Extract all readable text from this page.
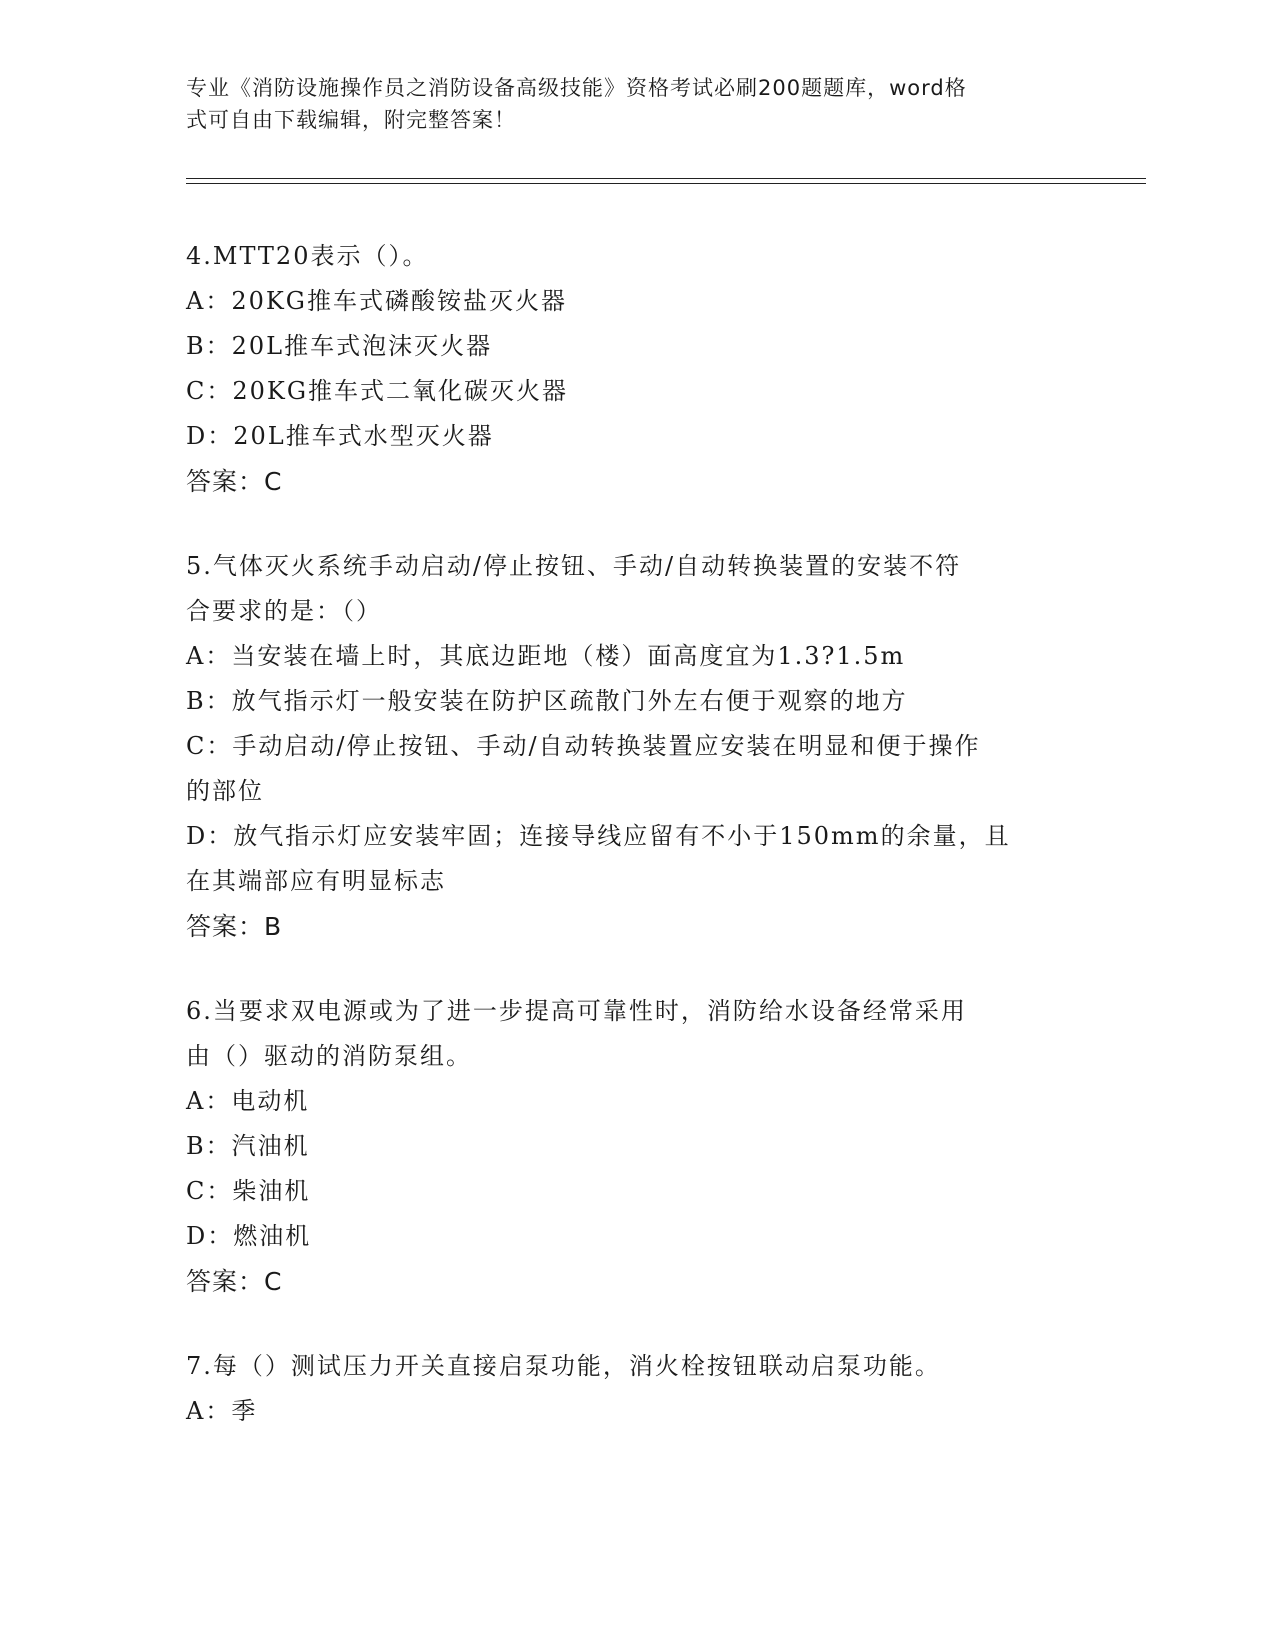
专业《消防设施操作员之消防设备高级技能》资格考试必刷200题题库，word格
式可自由下载编辑，附完整答案！
4.MTT20表示（）。
A：20KG推车式磷酸铵盐灭火器
B：20L推车式泡沫灭火器
C：20KG推车式二氧化碳灭火器
D：20L推车式水型灭火器
答案：C
5.气体灭火系统手动启动/停止按钮、手动/自动转换装置的安装不符
合要求的是：（）
A：当安装在墙上时，其底边距地（楼）面高度宜为1.3?1.5m
B：放气指示灯一般安装在防护区疏散门外左右便于观察的地方
C：手动启动/停止按钮、手动/自动转换装置应安装在明显和便于操作
的部位
D：放气指示灯应安装牢固；连接导线应留有不小于150mm的余量，且
在其端部应有明显标志
答案：B
6.当要求双电源或为了进一步提高可靠性时，消防给水设备经常采用
由（）驱动的消防泵组。
A：电动机
B：汽油机
C：柴油机
D：燃油机
答案：C
7.每（）测试压力开关直接启泵功能，消火栓按钮联动启泵功能。
A：季
